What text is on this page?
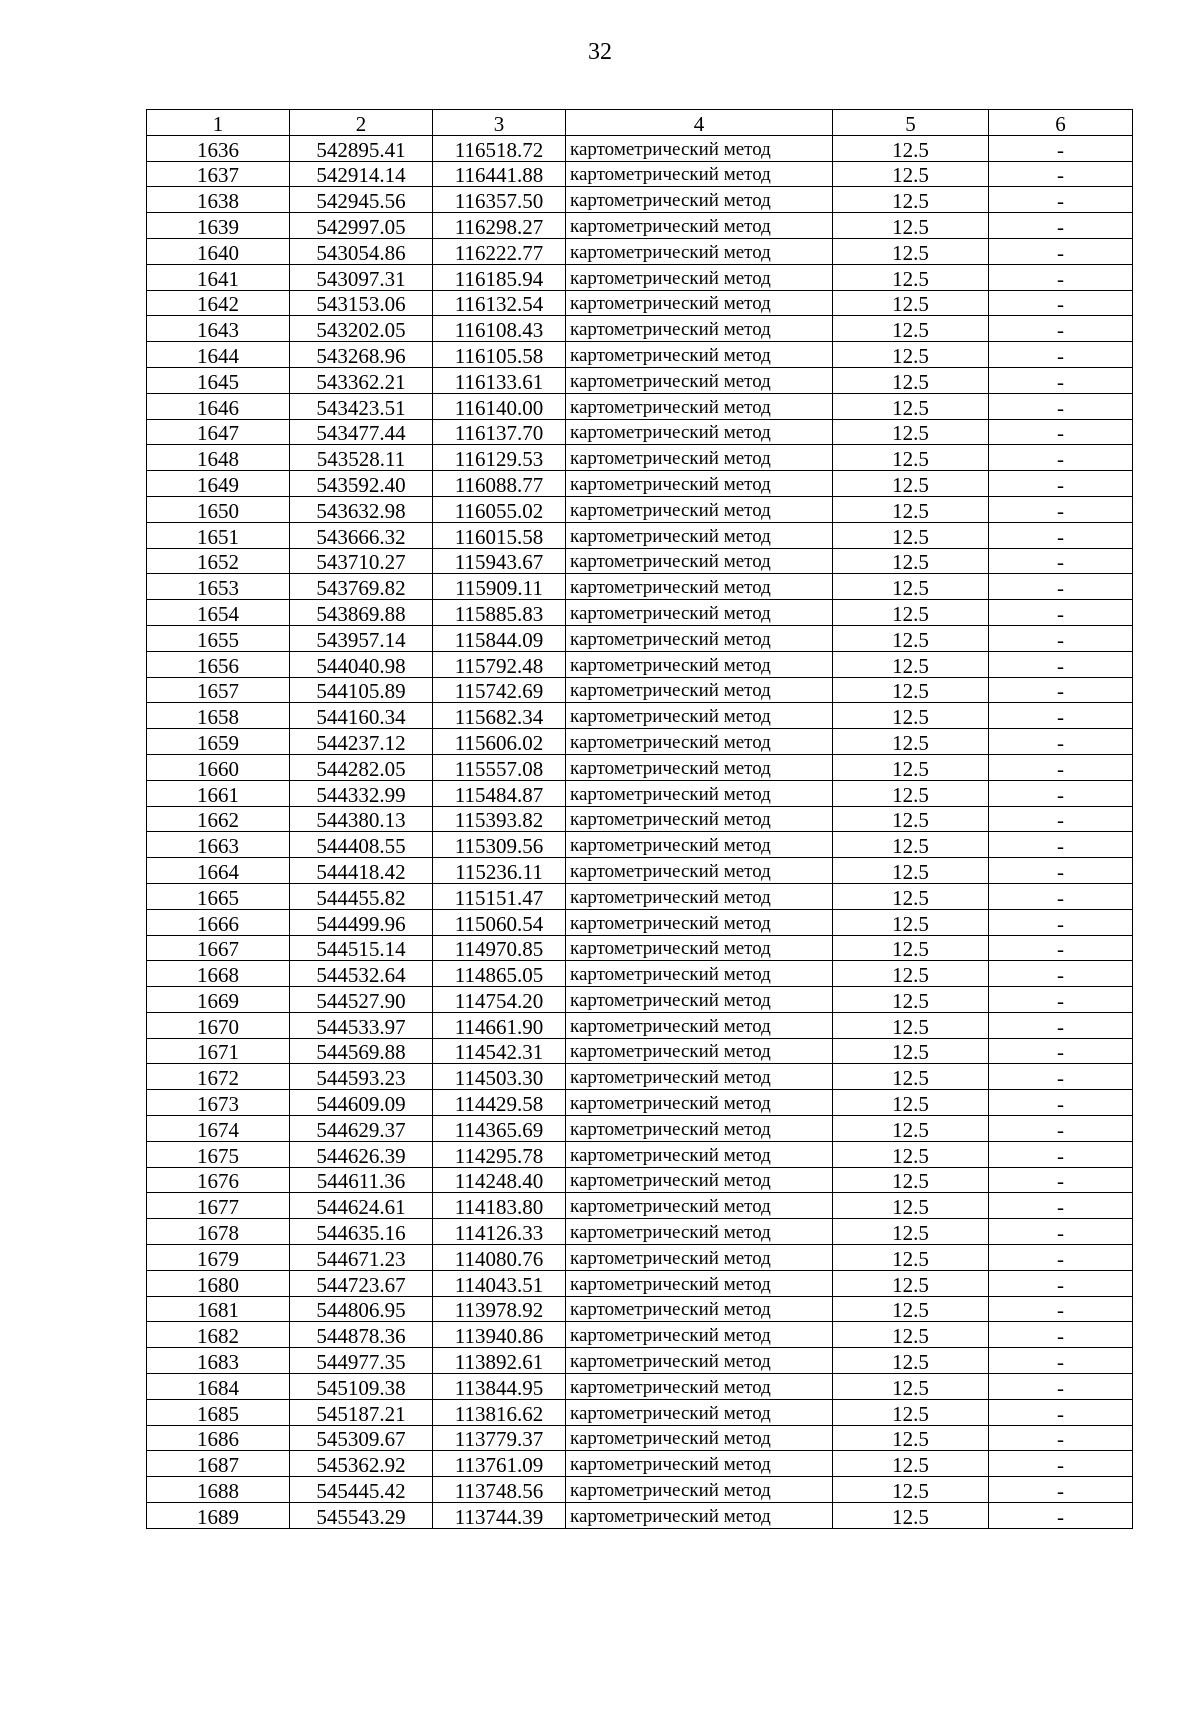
32
1	2	3	4	5	6
1636	542895.41	116518.72	картометрический метод	12.5	-
1637	542914.14	116441.88	картометрический метод	12.5	-
1638	542945.56	116357.50	картометрический метод	12.5	-
1639	542997.05	116298.27	картометрический метод	12.5	-
1640	543054.86	116222.77	картометрический метод	12.5	-
1641	543097.31	116185.94	картометрический метод	12.5	-
1642	543153.06	116132.54	картометрический метод	12.5	-
1643	543202.05	116108.43	картометрический метод	12.5	-
1644	543268.96	116105.58	картометрический метод	12.5	-
1645	543362.21	116133.61	картометрический метод	12.5	-
1646	543423.51	116140.00	картометрический метод	12.5	-
1647	543477.44	116137.70	картометрический метод	12.5	-
1648	543528.11	116129.53	картометрический метод	12.5	-
1649	543592.40	116088.77	картометрический метод	12.5	-
1650	543632.98	116055.02	картометрический метод	12.5	-
1651	543666.32	116015.58	картометрический метод	12.5	-
1652	543710.27	115943.67	картометрический метод	12.5	-
1653	543769.82	115909.11	картометрический метод	12.5	-
1654	543869.88	115885.83	картометрический метод	12.5	-
1655	543957.14	115844.09	картометрический метод	12.5	-
1656	544040.98	115792.48	картометрический метод	12.5	-
1657	544105.89	115742.69	картометрический метод	12.5	-
1658	544160.34	115682.34	картометрический метод	12.5	-
1659	544237.12	115606.02	картометрический метод	12.5	-
1660	544282.05	115557.08	картометрический метод	12.5	-
1661	544332.99	115484.87	картометрический метод	12.5	-
1662	544380.13	115393.82	картометрический метод	12.5	-
1663	544408.55	115309.56	картометрический метод	12.5	-
1664	544418.42	115236.11	картометрический метод	12.5	-
1665	544455.82	115151.47	картометрический метод	12.5	-
1666	544499.96	115060.54	картометрический метод	12.5	-
1667	544515.14	114970.85	картометрический метод	12.5	-
1668	544532.64	114865.05	картометрический метод	12.5	-
1669	544527.90	114754.20	картометрический метод	12.5	-
1670	544533.97	114661.90	картометрический метод	12.5	-
1671	544569.88	114542.31	картометрический метод	12.5	-
1672	544593.23	114503.30	картометрический метод	12.5	-
1673	544609.09	114429.58	картометрический метод	12.5	-
1674	544629.37	114365.69	картометрический метод	12.5	-
1675	544626.39	114295.78	картометрический метод	12.5	-
1676	544611.36	114248.40	картометрический метод	12.5	-
1677	544624.61	114183.80	картометрический метод	12.5	-
1678	544635.16	114126.33	картометрический метод	12.5	-
1679	544671.23	114080.76	картометрический метод	12.5	-
1680	544723.67	114043.51	картометрический метод	12.5	-
1681	544806.95	113978.92	картометрический метод	12.5	-
1682	544878.36	113940.86	картометрический метод	12.5	-
1683	544977.35	113892.61	картометрический метод	12.5	-
1684	545109.38	113844.95	картометрический метод	12.5	-
1685	545187.21	113816.62	картометрический метод	12.5	-
1686	545309.67	113779.37	картометрический метод	12.5	-
1687	545362.92	113761.09	картометрический метод	12.5	-
1688	545445.42	113748.56	картометрический метод	12.5	-
1689	545543.29	113744.39	картометрический метод	12.5	-
